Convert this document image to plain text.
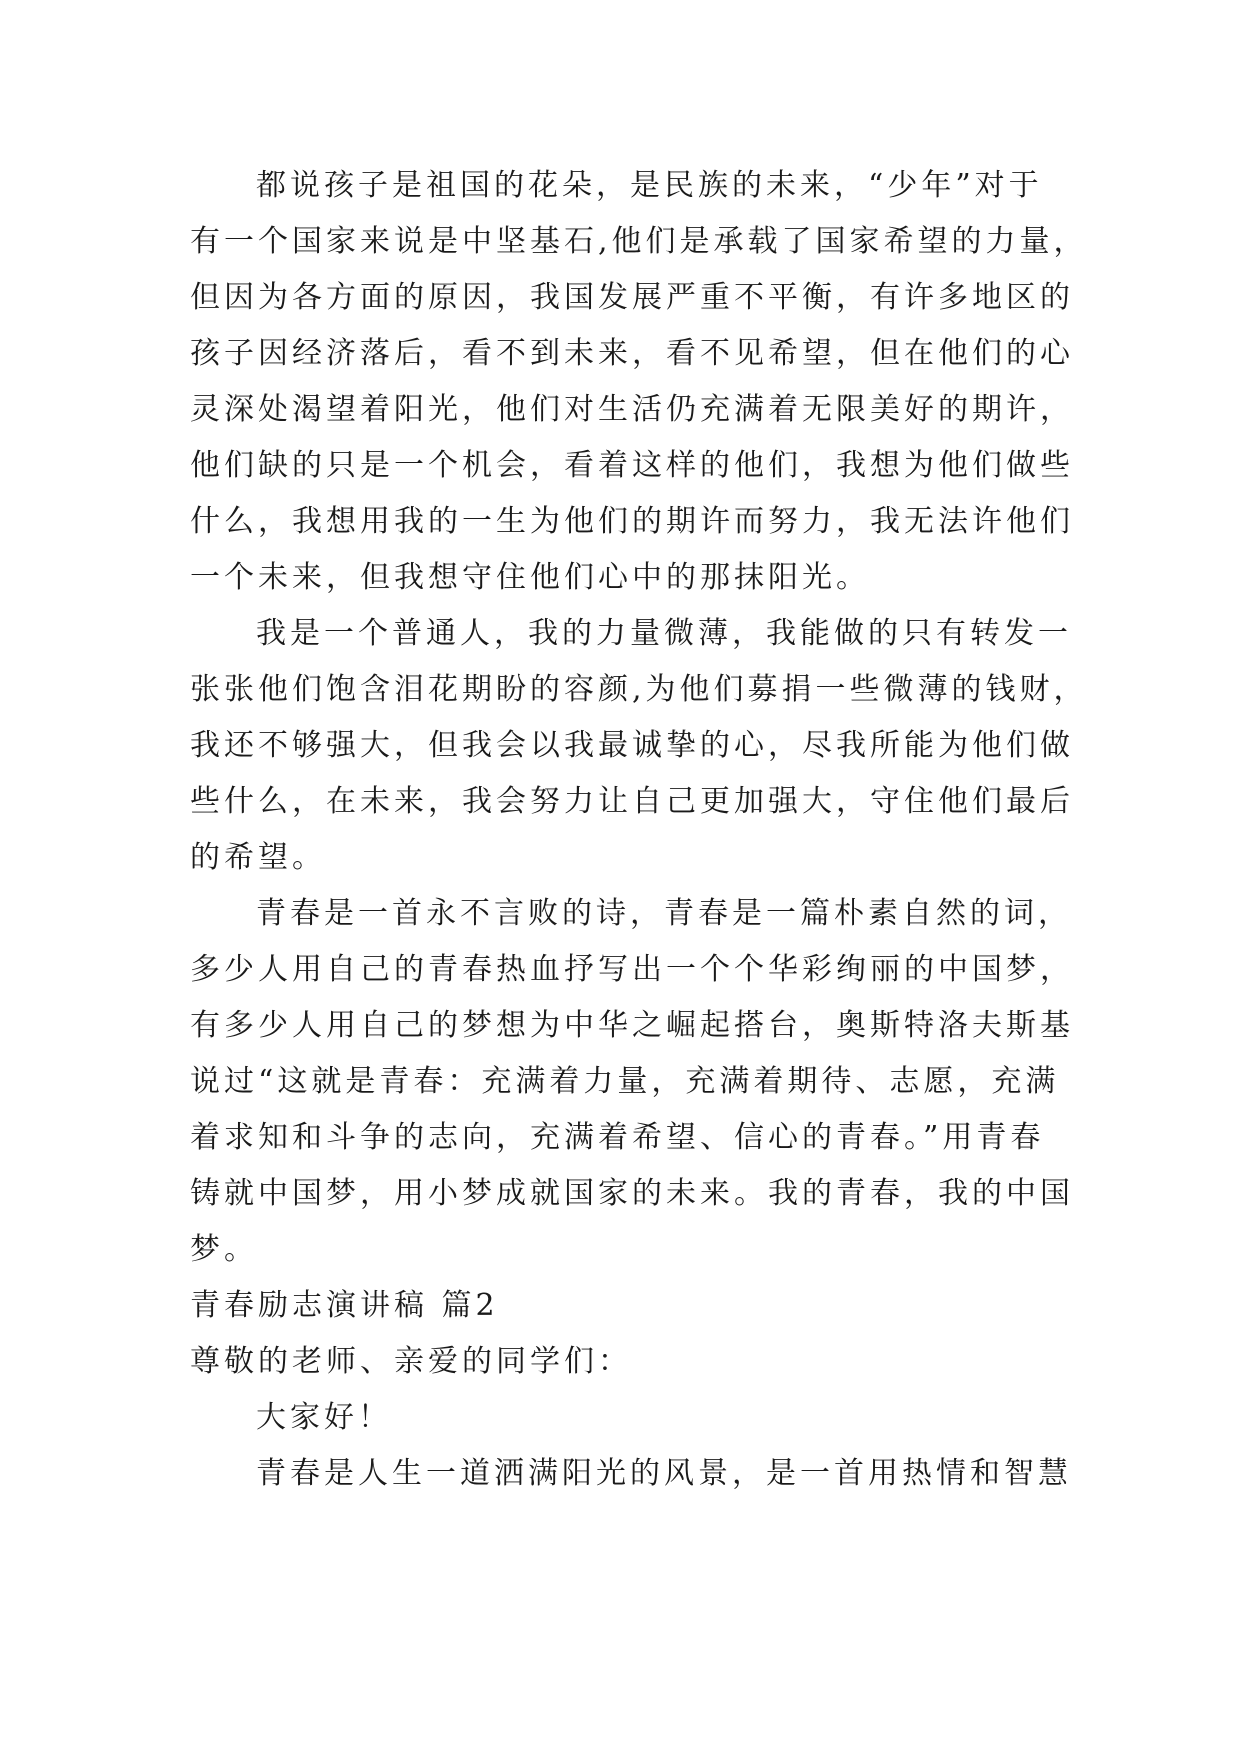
都说孩子是祖国的花朵，是民族的未来，“少年”对于
有一个国家来说是中坚基石,他们是承载了国家希望的力量，
但因为各方面的原因，我国发展严重不平衡，有许多地区的
孩子因经济落后，看不到未来，看不见希望，但在他们的心
灵深处渴望着阳光，他们对生活仍充满着无限美好的期许，
他们缺的只是一个机会，看着这样的他们，我想为他们做些
什么，我想用我的一生为他们的期许而努力，我无法许他们
一个未来，但我想守住他们心中的那抹阳光。
我是一个普通人，我的力量微薄，我能做的只有转发一
张张他们饱含泪花期盼的容颜,为他们募捐一些微薄的钱财，
我还不够强大，但我会以我最诚挚的心，尽我所能为他们做
些什么，在未来，我会努力让自己更加强大，守住他们最后
的希望。
青春是一首永不言败的诗，青春是一篇朴素自然的词，
多少人用自己的青春热血抒写出一个个华彩绚丽的中国梦，
有多少人用自己的梦想为中华之崛起搭台，奥斯特洛夫斯基
说过“这就是青春：充满着力量，充满着期待、志愿，充满
着求知和斗争的志向，充满着希望、信心的青春。”用青春
铸就中国梦，用小梦成就国家的未来。我的青春，我的中国
梦。
青春励志演讲稿 篇2
尊敬的老师、亲爱的同学们：
大家好！
青春是人生一道洒满阳光的风景，是一首用热情和智慧
